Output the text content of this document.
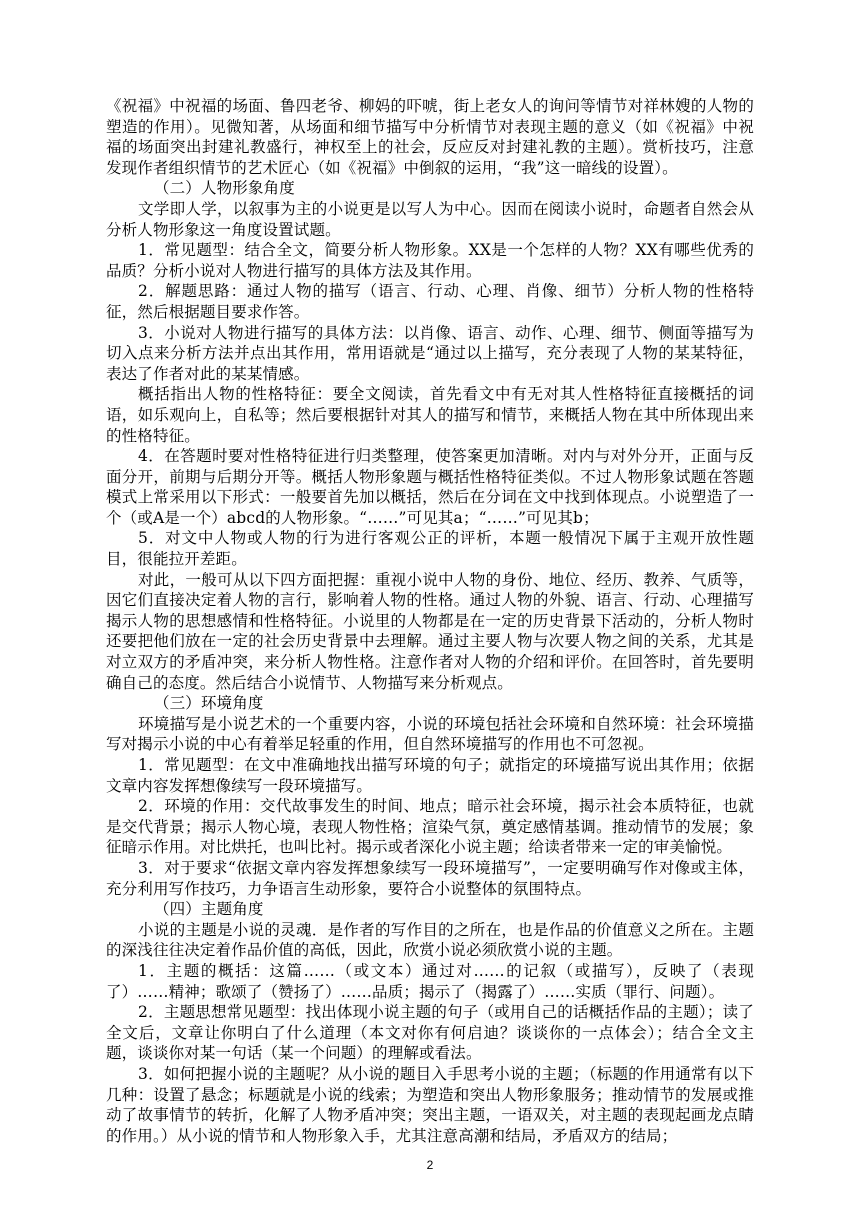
《祝福》中祝福的场面、鲁四老爷、柳妈的吓唬，街上老女人的询问等情节对祥林嫂的人物的塑造的作用）。见微知著，从场面和细节描写中分析情节对表现主题的意义（如《祝福》中祝福的场面突出封建礼教盛行，神权至上的社会，反应反对封建礼教的主题）。赏析技巧，注意发现作者组织情节的艺术匠心（如《祝福》中倒叙的运用，“我”这一暗线的设置）。

（二）人物形象角度

文学即人学，以叙事为主的小说更是以写人为中心。因而在阅读小说时，命题者自然会从分析人物形象这一角度设置试题。

1．常见题型：结合全文，简要分析人物形象。XX是一个怎样的人物？XX有哪些优秀的品质？分析小说对人物进行描写的具体方法及其作用。

2．解题思路：通过人物的描写（语言、行动、心理、肖像、细节）分析人物的性格特征，然后根据题目要求作答。

3．小说对人物进行描写的具体方法：以肖像、语言、动作、心理、细节、侧面等描写为切入点来分析方法并点出其作用，常用语就是“通过以上描写，充分表现了人物的某某特征，表达了作者对此的某某情感。

概括指出人物的性格特征：要全文阅读，首先看文中有无对其人性格特征直接概括的词语，如乐观向上，自私等；然后要根据针对其人的描写和情节，来概括人物在其中所体现出来的性格特征。

4．在答题时要对性格特征进行归类整理，使答案更加清晰。对内与对外分开，正面与反面分开，前期与后期分开等。概括人物形象题与概括性格特征类似。不过人物形象试题在答题模式上常采用以下形式：一般要首先加以概括，然后在分词在文中找到体现点。小说塑造了一个（或A是一个）abcd的人物形象。“……”可见其a；“……”可见其b；

5．对文中人物或人物的行为进行客观公正的评析，本题一般情况下属于主观开放性题目，很能拉开差距。

对此，一般可从以下四方面把握：重视小说中人物的身份、地位、经历、教养、气质等，因它们直接决定着人物的言行，影响着人物的性格。通过人物的外貌、语言、行动、心理描写揭示人物的思想感情和性格特征。小说里的人物都是在一定的历史背景下活动的，分析人物时还要把他们放在一定的社会历史背景中去理解。通过主要人物与次要人物之间的关系，尤其是对立双方的矛盾冲突，来分析人物性格。注意作者对人物的介绍和评价。在回答时，首先要明确自己的态度。然后结合小说情节、人物描写来分析观点。

（三）环境角度

环境描写是小说艺术的一个重要内容，小说的环境包括社会环境和自然环境：社会环境描写对揭示小说的中心有着举足轻重的作用，但自然环境描写的作用也不可忽视。

1．常见题型：在文中准确地找出描写环境的句子；就指定的环境描写说出其作用；依据文章内容发挥想像续写一段环境描写。

2．环境的作用：交代故事发生的时间、地点；暗示社会环境，揭示社会本质特征，也就是交代背景；揭示人物心境，表现人物性格；渲染气氛，奠定感情基调。推动情节的发展；象征暗示作用。对比烘托，也叫比衬。揭示或者深化小说主题；给读者带来一定的审美愉悦。

3．对于要求“依据文章内容发挥想象续写一段环境描写”，一定要明确写作对像或主体，充分利用写作技巧，力争语言生动形象，要符合小说整体的氛围特点。

（四）主题角度

小说的主题是小说的灵魂．是作者的写作目的之所在，也是作品的价值意义之所在。主题的深浅往往决定着作品价值的高低，因此，欣赏小说必须欣赏小说的主题。

1．主题的概括：这篇……（或文本）通过对……的记叙（或描写），反映了（表现了）……精神；歌颂了（赞扬了）……品质；揭示了（揭露了）……实质（罪行、问题）。

2．主题思想常见题型：找出体现小说主题的句子（或用自己的话概括作品的主题）；读了全文后，文章让你明白了什么道理（本文对你有何启迪？谈谈你的一点体会）；结合全文主题，谈谈你对某一句话（某一个问题）的理解或看法。

3．如何把握小说的主题呢？从小说的题目入手思考小说的主题；（标题的作用通常有以下几种：设置了悬念；标题就是小说的线索；为塑造和突出人物形象服务；推动情节的发展或推动了故事情节的转折，化解了人物矛盾冲突；突出主题，一语双关，对主题的表现起画龙点睛的作用。）从小说的情节和人物形象入手，尤其注意高潮和结局，矛盾双方的结局；

2
